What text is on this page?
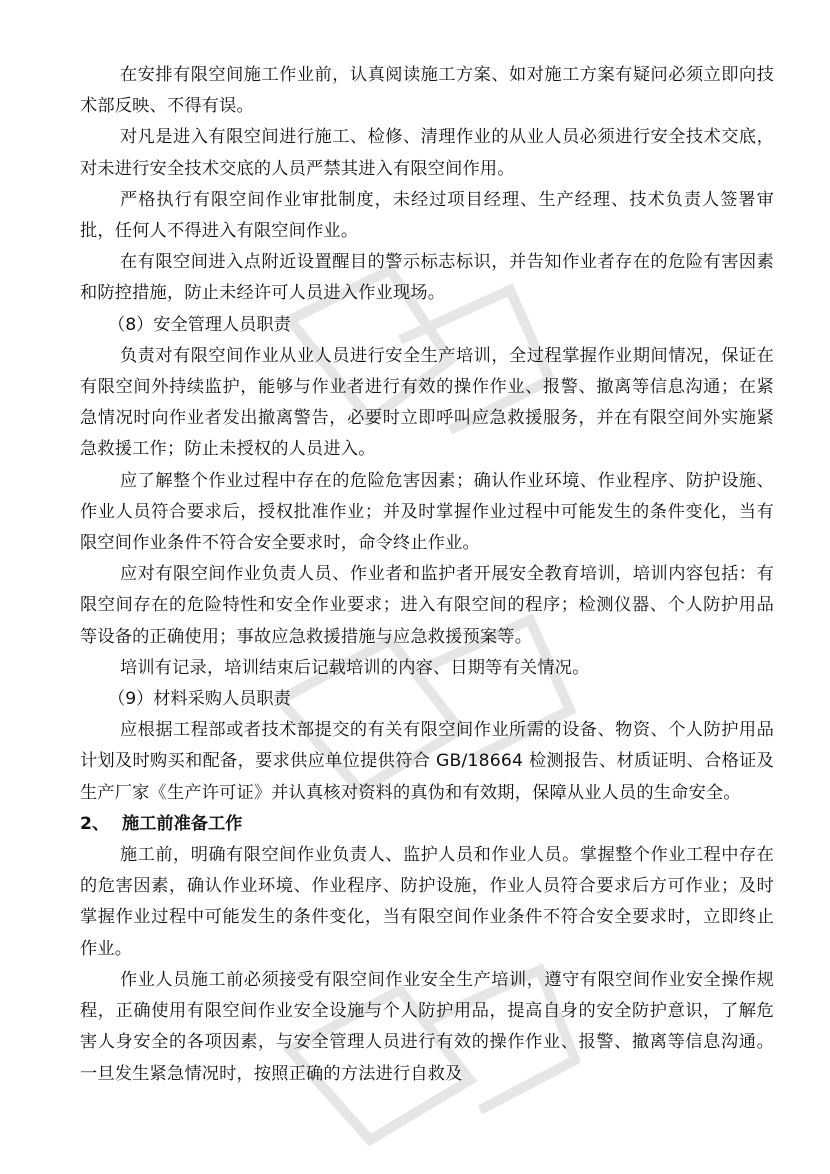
在安排有限空间施工作业前，认真阅读施工方案、如对施工方案有疑问必须立即向技术部反映、不得有误。

对凡是进入有限空间进行施工、检修、清理作业的从业人员必须进行安全技术交底，对未进行安全技术交底的人员严禁其进入有限空间作用。

严格执行有限空间作业审批制度，未经过项目经理、生产经理、技术负责人签署审批，任何人不得进入有限空间作业。

在有限空间进入点附近设置醒目的警示标志标识，并告知作业者存在的危险有害因素和防控措施，防止未经许可人员进入作业现场。

（8）安全管理人员职责

负责对有限空间作业从业人员进行安全生产培训，全过程掌握作业期间情况，保证在有限空间外持续监护，能够与作业者进行有效的操作作业、报警、撤离等信息沟通；在紧急情况时向作业者发出撤离警告，必要时立即呼叫应急救援服务，并在有限空间外实施紧急救援工作；防止未授权的人员进入。

应了解整个作业过程中存在的危险危害因素；确认作业环境、作业程序、防护设施、作业人员符合要求后，授权批准作业；并及时掌握作业过程中可能发生的条件变化，当有限空间作业条件不符合安全要求时，命令终止作业。

应对有限空间作业负责人员、作业者和监护者开展安全教育培训，培训内容包括：有限空间存在的危险特性和安全作业要求；进入有限空间的程序；检测仪器、个人防护用品等设备的正确使用；事故应急救援措施与应急救援预案等。

培训有记录，培训结束后记载培训的内容、日期等有关情况。

（9）材料采购人员职责

应根据工程部或者技术部提交的有关有限空间作业所需的设备、物资、个人防护用品计划及时购买和配备，要求供应单位提供符合 GB/18664 检测报告、材质证明、合格证及生产厂家《生产许可证》并认真核对资料的真伪和有效期，保障从业人员的生命安全。

2、 施工前准备工作

施工前，明确有限空间作业负责人、监护人员和作业人员。掌握整个作业工程中存在的危害因素，确认作业环境、作业程序、防护设施，作业人员符合要求后方可作业；及时掌握作业过程中可能发生的条件变化，当有限空间作业条件不符合安全要求时，立即终止作业。

作业人员施工前必须接受有限空间作业安全生产培训，遵守有限空间作业安全操作规程，正确使用有限空间作业安全设施与个人防护用品，提高自身的安全防护意识，了解危害人身安全的各项因素，与安全管理人员进行有效的操作作业、报警、撤离等信息沟通。一旦发生紧急情况时，按照正确的方法进行自救及
